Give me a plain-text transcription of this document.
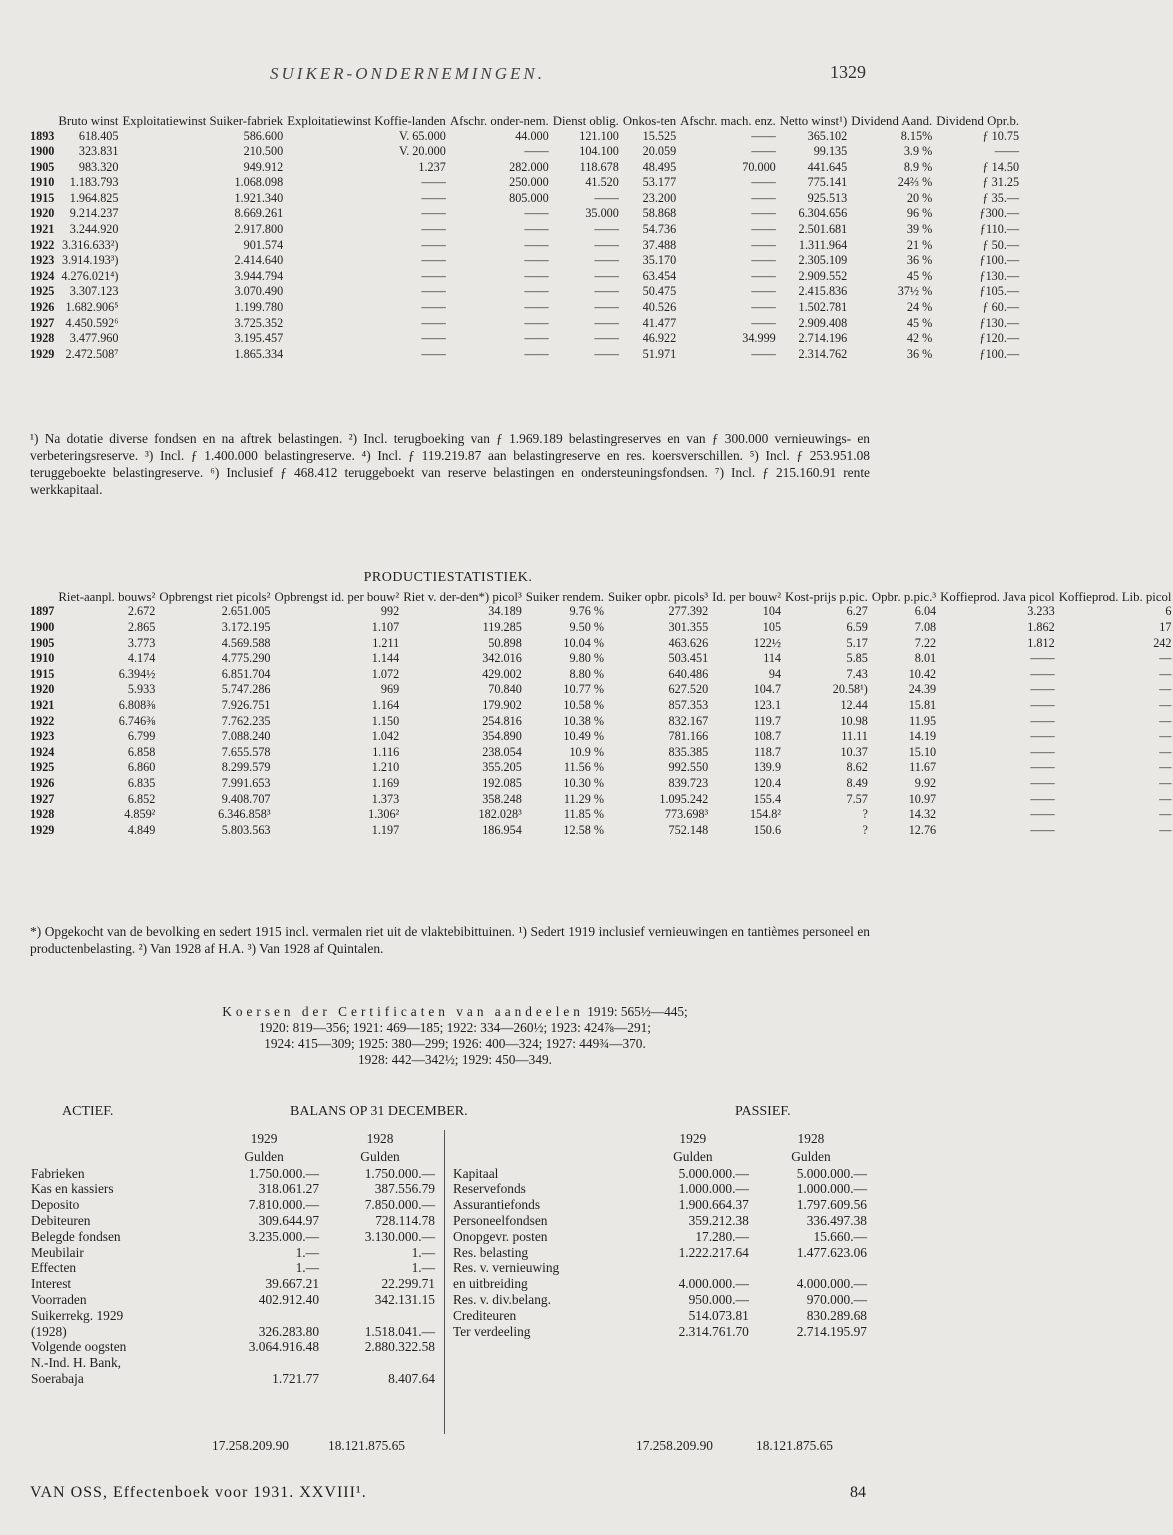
SUIKER-ONDERNEMINGEN.	1329
	Bruto winst	Exploitatiewinst Suiker-fabriek	Exploitatiewinst Koffie-landen	Afschr. onder-nem.	Dienst oblig.	Onkos-ten	Afschr. mach. enz.	Netto winst¹)	Dividend Aand.	Dividend Opr.b.
1893	618.405	586.600	V. 65.000	44.000	121.100	15.525	——	365.102	8.15%	ƒ 10.75
1900	323.831	210.500	V. 20.000	——	104.100	20.059	——	99.135	3.9 %	——
1905	983.320	949.912	1.237	282.000	118.678	48.495	70.000	441.645	8.9 %	ƒ 14.50
1910	1.183.793	1.068.098	——	250.000	41.520	53.177	——	775.141	24⅔ %	ƒ 31.25
1915	1.964.825	1.921.340	——	805.000	——	23.200	——	925.513	20 %	ƒ 35.—
1920	9.214.237	8.669.261	——	——	35.000	58.868	——	6.304.656	96 %	ƒ300.—
1921	3.244.920	2.917.800	——	——	——	54.736	——	2.501.681	39 %	ƒ110.—
1922	3.316.633²)	901.574	——	——	——	37.488	——	1.311.964	21 %	ƒ 50.—
1923	3.914.193³)	2.414.640	——	——	——	35.170	——	2.305.109	36 %	ƒ100.—
1924	4.276.021⁴)	3.944.794	——	——	——	63.454	——	2.909.552	45 %	ƒ130.—
1925	3.307.123	3.070.490	——	——	——	50.475	——	2.415.836	37½ %	ƒ105.—
1926	1.682.906⁵	1.199.780	——	——	——	40.526	——	1.502.781	24 %	ƒ 60.—
1927	4.450.592⁶	3.725.352	——	——	——	41.477	——	2.909.408	45 %	ƒ130.—
1928	3.477.960	3.195.457	——	——	——	46.922	34.999	2.714.196	42 %	ƒ120.—
1929	2.472.508⁷	1.865.334	——	——	——	51.971	——	2.314.762	36 %	ƒ100.—
¹) Na dotatie diverse fondsen en na aftrek belastingen. ²) Incl. terugboeking van ƒ 1.969.189 belastingreserves en van ƒ 300.000 vernieuwings- en verbeteringsreserve. ³) Incl. ƒ 1.400.000 belastingreserve. ⁴) Incl. ƒ 119.219.87 aan belastingreserve en res. koersverschillen. ⁵) Incl. ƒ 253.951.08 teruggeboekte belastingreserve. ⁶) Inclusief ƒ 468.412 teruggeboekt van reserve belastingen en ondersteuningsfondsen. ⁷) Incl. ƒ 215.160.91 rente werkkapitaal.
PRODUCTIESTATISTIEK.
	Riet-aanpl. bouws²	Opbrengst riet picols²	Opbrengst id. per bouw²	Riet v. der-den*) picol³	Suiker rendem.	Suiker opbr. picols³	Id. per bouw²	Kost-prijs p.pic.	Opbr. p.pic.³	Koffieprod. Java picol	Koffieprod. Lib. picol
1897	2.672	2.651.005	992	34.189	9.76 %	277.392	104	6.27	6.04	3.233	6
1900	2.865	3.172.195	1.107	119.285	9.50 %	301.355	105	6.59	7.08	1.862	17
1905	3.773	4.569.588	1.211	50.898	10.04 %	463.626	122½	5.17	7.22	1.812	242
1910	4.174	4.775.290	1.144	342.016	9.80 %	503.451	114	5.85	8.01	——	—
1915	6.394½	6.851.704	1.072	429.002	8.80 %	640.486	94	7.43	10.42	——	—
1920	5.933	5.747.286	969	70.840	10.77 %	627.520	104.7	20.58¹)	24.39	——	—
1921	6.808⅜	7.926.751	1.164	179.902	10.58 %	857.353	123.1	12.44	15.81	——	—
1922	6.746⅜	7.762.235	1.150	254.816	10.38 %	832.167	119.7	10.98	11.95	——	—
1923	6.799	7.088.240	1.042	354.890	10.49 %	781.166	108.7	11.11	14.19	——	—
1924	6.858	7.655.578	1.116	238.054	10.9 %	835.385	118.7	10.37	15.10	——	—
1925	6.860	8.299.579	1.210	355.205	11.56 %	992.550	139.9	8.62	11.67	——	—
1926	6.835	7.991.653	1.169	192.085	10.30 %	839.723	120.4	8.49	9.92	——	—
1927	6.852	9.408.707	1.373	358.248	11.29 %	1.095.242	155.4	7.57	10.97	——	—
1928	4.859²	6.346.858³	1.306²	182.028³	11.85 %	773.698³	154.8²	?	14.32	——	—
1929	4.849	5.803.563	1.197	186.954	12.58 %	752.148	150.6	?	12.76	——	—
*) Opgekocht van de bevolking en sedert 1915 incl. vermalen riet uit de vlaktebibittuinen. ¹) Sedert 1919 inclusief vernieuwingen en tantièmes personeel en productenbelasting. ²) Van 1928 af H.A. ³) Van 1928 af Quintalen.
Koersen der Certificaten van aandeelen 1919: 565½—445;
1920: 819—356; 1921: 469—185; 1922: 334—260½; 1923: 424⅞—291;
1924: 415—309; 1925: 380—299; 1926: 400—324; 1927: 449¾—370.
1928: 442—342½; 1929: 450—349.
ACTIEF.	BALANS OP 31 DECEMBER.	PASSIEF.
	1929	1928
	Gulden	Gulden
Fabrieken	1.750.000.—	1.750.000.—
Kas en kassiers	318.061.27	387.556.79
Deposito	7.810.000.—	7.850.000.—
Debiteuren	309.644.97	728.114.78
Belegde fondsen	3.235.000.—	3.130.000.—
Meubilair	1.—	1.—
Effecten	1.—	1.—
Interest	39.667.21	22.299.71
Voorraden	402.912.40	342.131.15
Suikerrekg. 1929		
(1928)	326.283.80	1.518.041.—
Volgende oogsten	3.064.916.48	2.880.322.58
N.-Ind. H. Bank,		
Soerabaja	1.721.77	8.407.64
	1929	1928
	Gulden	Gulden
Kapitaal	5.000.000.—	5.000.000.—
Reservefonds	1.000.000.—	1.000.000.—
Assurantiefonds	1.900.664.37	1.797.609.56
Personeelfondsen	359.212.38	336.497.38
Onopgevr. posten	17.280.—	15.660.—
Res. belasting	1.222.217.64	1.477.623.06
Res. v. vernieuwing		
en uitbreiding	4.000.000.—	4.000.000.—
Res. v. div.belang.	950.000.—	970.000.—
Crediteuren	514.073.81	830.289.68
Ter verdeeling	2.314.761.70	2.714.195.97
17.258.209.90	18.121.875.65	17.258.209.90	18.121.875.65
VAN OSS, Effectenboek voor 1931. XXVIII¹.	84
